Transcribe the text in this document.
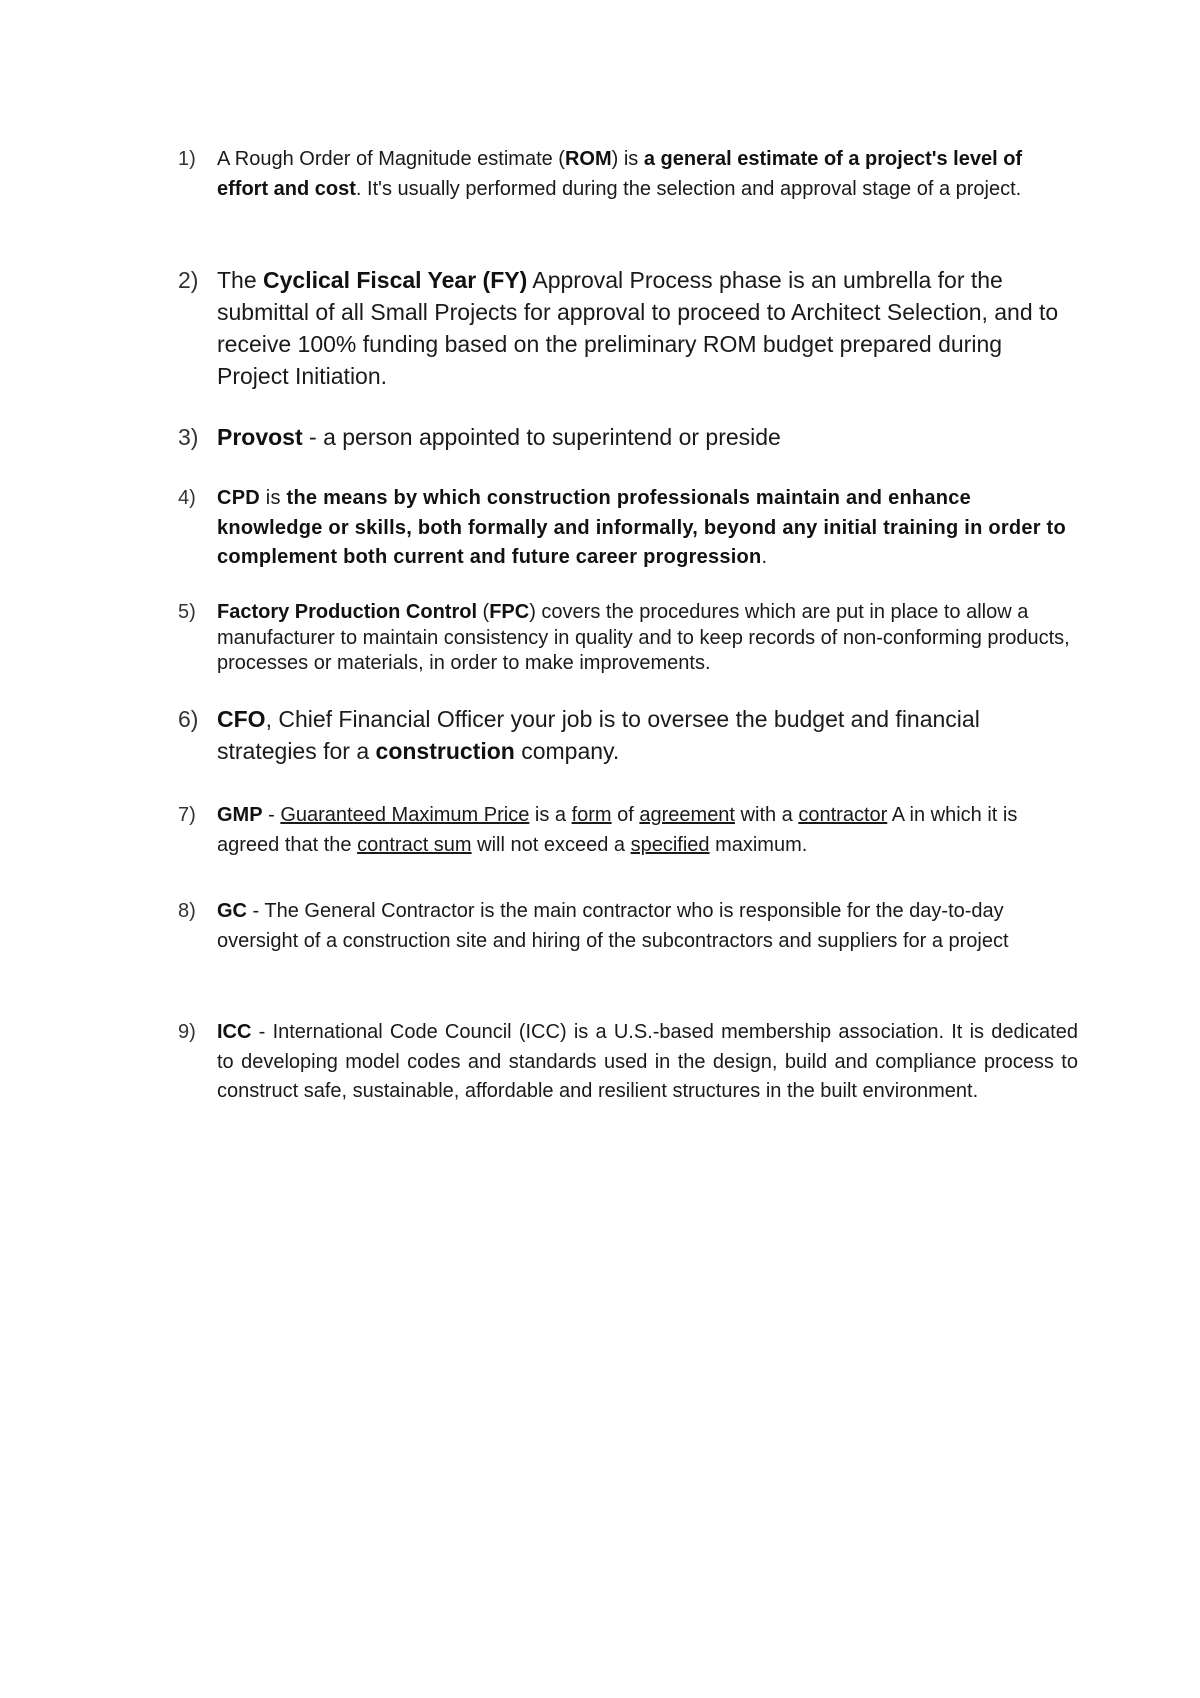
1) A Rough Order of Magnitude estimate (ROM) is a general estimate of a project's level of effort and cost. It's usually performed during the selection and approval stage of a project.
2) The Cyclical Fiscal Year (FY) Approval Process phase is an umbrella for the submittal of all Small Projects for approval to proceed to Architect Selection, and to receive 100% funding based on the preliminary ROM budget prepared during Project Initiation.
3) Provost - a person appointed to superintend or preside
4) CPD is the means by which construction professionals maintain and enhance knowledge or skills, both formally and informally, beyond any initial training in order to complement both current and future career progression.
5) Factory Production Control (FPC) covers the procedures which are put in place to allow a manufacturer to maintain consistency in quality and to keep records of non-conforming products, processes or materials, in order to make improvements.
6) CFO, Chief Financial Officer your job is to oversee the budget and financial strategies for a construction company.
7) GMP - Guaranteed Maximum Price is a form of agreement with a contractor A in which it is agreed that the contract sum will not exceed a specified maximum.
8) GC - The General Contractor is the main contractor who is responsible for the day-to-day oversight of a construction site and hiring of the subcontractors and suppliers for a project
9) ICC - International Code Council (ICC) is a U.S.-based membership association. It is dedicated to developing model codes and standards used in the design, build and compliance process to construct safe, sustainable, affordable and resilient structures in the built environment.
